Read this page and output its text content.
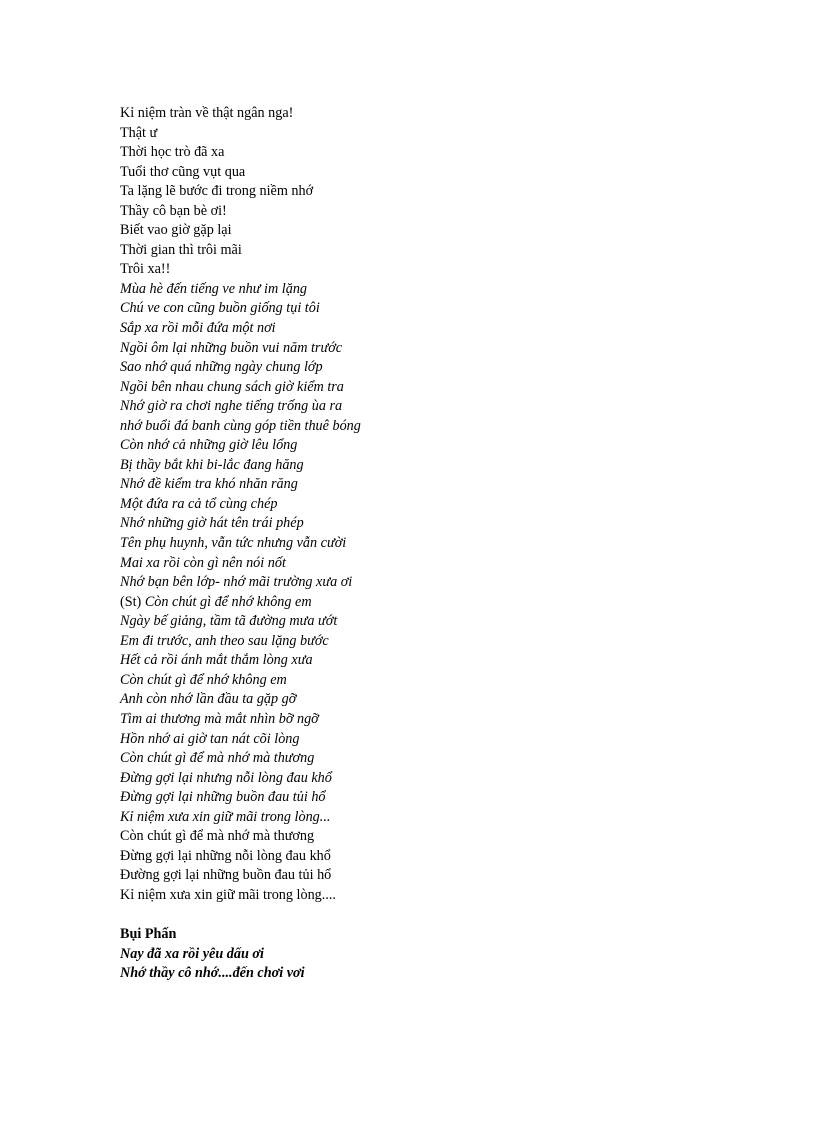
Kỉ niệm tràn về thật ngân nga!
Thật ư
Thời học trò đã xa
Tuổi thơ cũng vụt qua
Ta lặng lẽ bước đi trong niềm nhớ
Thầy cô bạn bè ơi!
Biết vao giờ gặp lại
Thời gian thì trôi mãi
Trôi xa!!
Mùa hè đến tiếng ve như im lặng
Chú ve con cũng buồn giống tụi tôi
Sắp xa rồi mỗi đứa một nơi
Ngồi ôm lại những buồn vui năm trước
Sao nhớ quá những ngày chung lớp
Ngồi bên nhau chung sách giờ kiểm tra
Nhớ giờ ra chơi nghe tiếng trống ùa ra
nhớ buổi đá banh cùng góp tiền thuê bóng
Còn nhớ cả những giờ lêu lổng
Bị thầy bắt khi bi-lắc đang hăng
Nhớ đề kiểm tra khó nhăn răng
Một đứa ra cả tổ cùng chép
Nhớ những giờ hát tên trái phép
Tên phụ huynh, vẫn tức nhưng vẫn cười
Mai xa rồi còn gì nên nói nốt
Nhớ bạn bên lớp- nhớ mãi trường xưa ơi
(St) Còn chút gì để nhớ không em
Ngày bế giảng, tầm tã đường mưa ướt
Em đi trước, anh theo sau lặng bước
Hết cả rồi ánh mắt thắm lòng xưa
Còn chút gì để nhớ không em
Anh còn nhớ lần đầu ta gặp gỡ
Tìm ai thương mà mắt nhìn bỡ ngỡ
Hồn nhớ ai giờ tan nát cõi lòng
Còn chút gì để mà nhớ mà thương
Đừng gợi lại nhưng nỗi lòng đau khổ
Đừng gợi lại những buồn đau tủi hổ
Kỉ niệm xưa xin giữ mãi trong lòng...
Còn chút gì để mà nhớ mà thương
Đừng gợi lại những nỗi lòng đau khổ
Đường gợi lại những buồn đau tủi hổ
Kỉ niệm xưa xin giữ mãi trong lòng....
Bụi Phấn
Nay đã xa rồi yêu dấu ơi
Nhớ thầy cô nhớ....đến chơi vơi
